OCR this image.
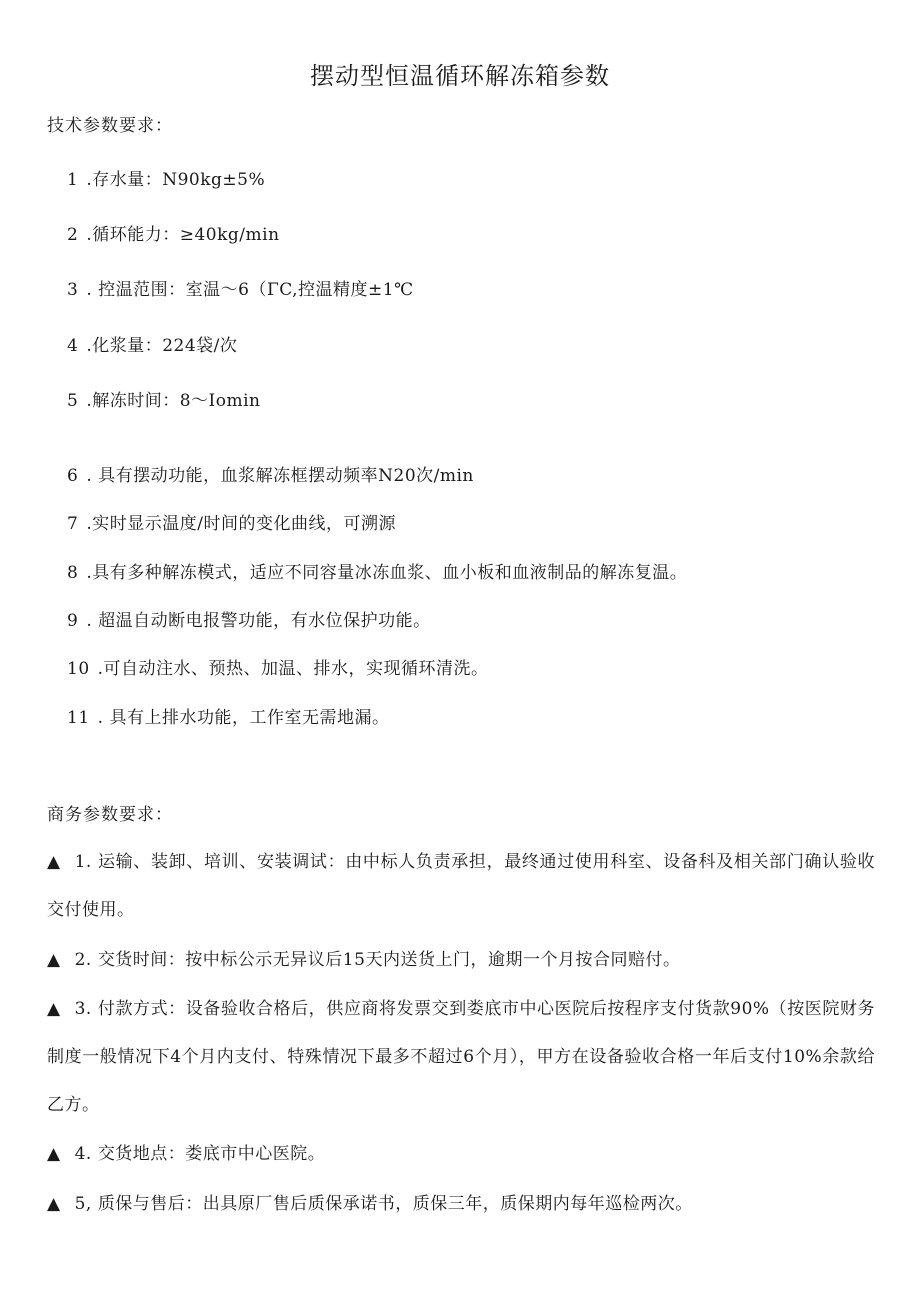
摆动型恒温循环解冻箱参数
技术参数要求：
1 .存水量：N90kg±5%
2 .循环能力：≥40kg∕min
3 . 控温范围：室温～6（ΓC,控温精度±1℃
4 .化浆量：224袋/次
5 .解冻时间：8～Iomin
6 . 具有摆动功能，血浆解冻框摆动频率N20次∕min
7 .实时显示温度/时间的变化曲线，可溯源
8 .具有多种解冻模式，适应不同容量冰冻血浆、血小板和血液制品的解冻复温。
9 . 超温自动断电报警功能，有水位保护功能。
10 .可自动注水、预热、加温、排水，实现循环清洗。
11 . 具有上排水功能，工作室无需地漏。
商务参数要求：
▲ 1. 运输、装卸、培训、安装调试：由中标人负责承担，最终通过使用科室、设备科及相关部门确认验收交付使用。
▲ 2. 交货时间：按中标公示无异议后15天内送货上门，逾期一个月按合同赔付。
▲ 3. 付款方式：设备验收合格后，供应商将发票交到娄底市中心医院后按程序支付货款90%（按医院财务制度一般情况下4个月内支付、特殊情况下最多不超过6个月），甲方在设备验收合格一年后支付10%余款给乙方。
▲ 4. 交货地点：娄底市中心医院。
▲ 5, 质保与售后：出具原厂售后质保承诺书，质保三年，质保期内每年巡检两次。
